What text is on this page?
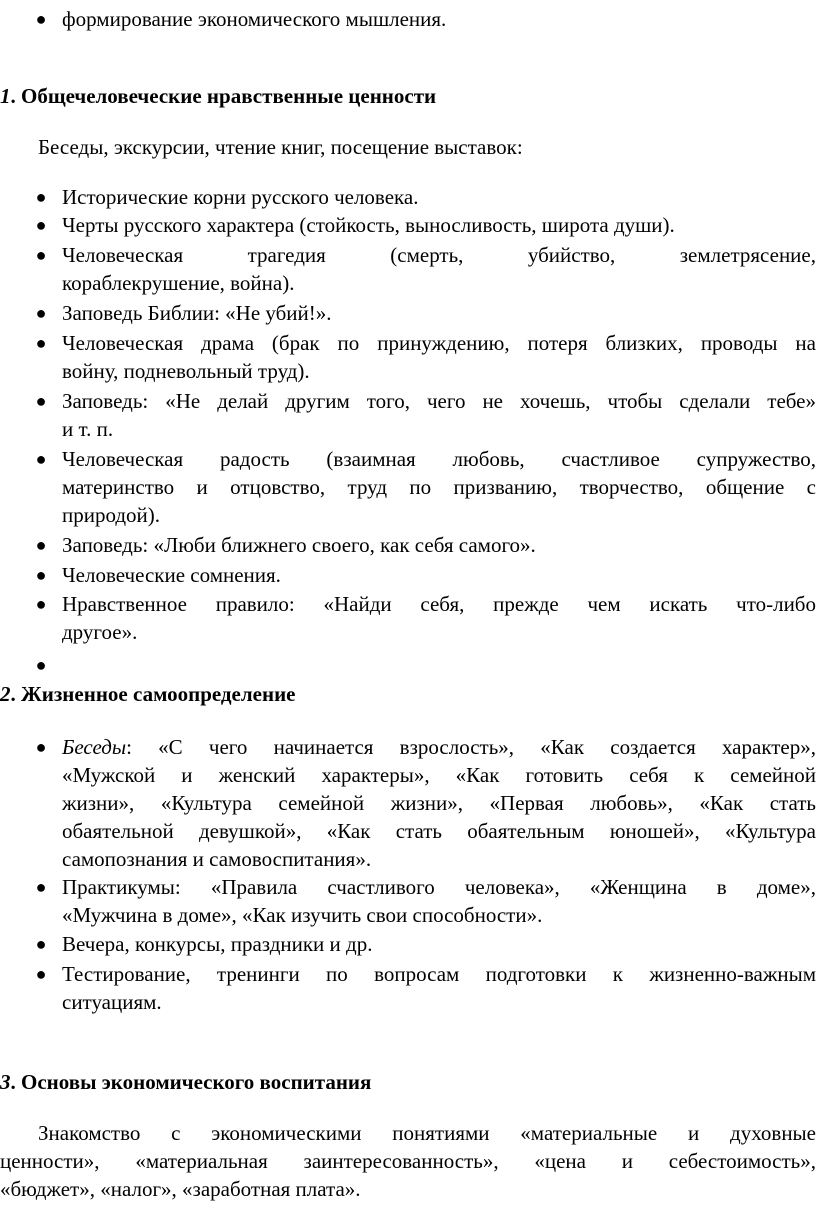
● формирование экономического мышления.
1. Общечеловеческие нравственные ценности
Беседы, экскурсии, чтение книг, посещение выставок:
● Исторические корни русского человека.
● Черты русского характера (стойкость, выносливость, широта души).
● Человеческая трагедия (смерть, убийство, землетрясение,
кораблекрушение, война).
● Заповедь Библии: «Не убий!».
● Человеческая драма (брак по принуждению, потеря близких, проводы на
войну, подневольный труд).
● Заповедь: «Не делай другим того, чего не хочешь, чтобы сделали тебе»
и т. п.
● Человеческая радость (взаимная любовь, счастливое супружество,
материнство и отцовство, труд по призванию, творчество, общение с
природой).
● Заповедь: «Люби ближнего своего, как себя самого».
● Человеческие сомнения.
● Нравственное правило: «Найди себя, прежде чем искать что-либо
другое».
●
2. Жизненное самоопределение
● Беседы: «С чего начинается взрослость», «Как создается характер»,
«Мужской и женский характеры», «Как готовить себя к семейной
жизни», «Культура семейной жизни», «Первая любовь», «Как стать
обаятельной девушкой», «Как стать обаятельным юношей», «Культура
самопознания и самовоспитания».
● Практикумы: «Правила счастливого человека», «Женщина в доме»,
«Мужчина в доме», «Как изучить свои способности».
● Вечера, конкурсы, праздники и др.
● Тестирование, тренинги по вопросам подготовки к жизненно-важным
ситуациям.
3. Основы экономического воспитания
Знакомство с экономическими понятиями «материальные и духовные
ценности», «материальная заинтересованность», «цена и себестоимость»,
«бюджет», «налог», «заработная плата».
